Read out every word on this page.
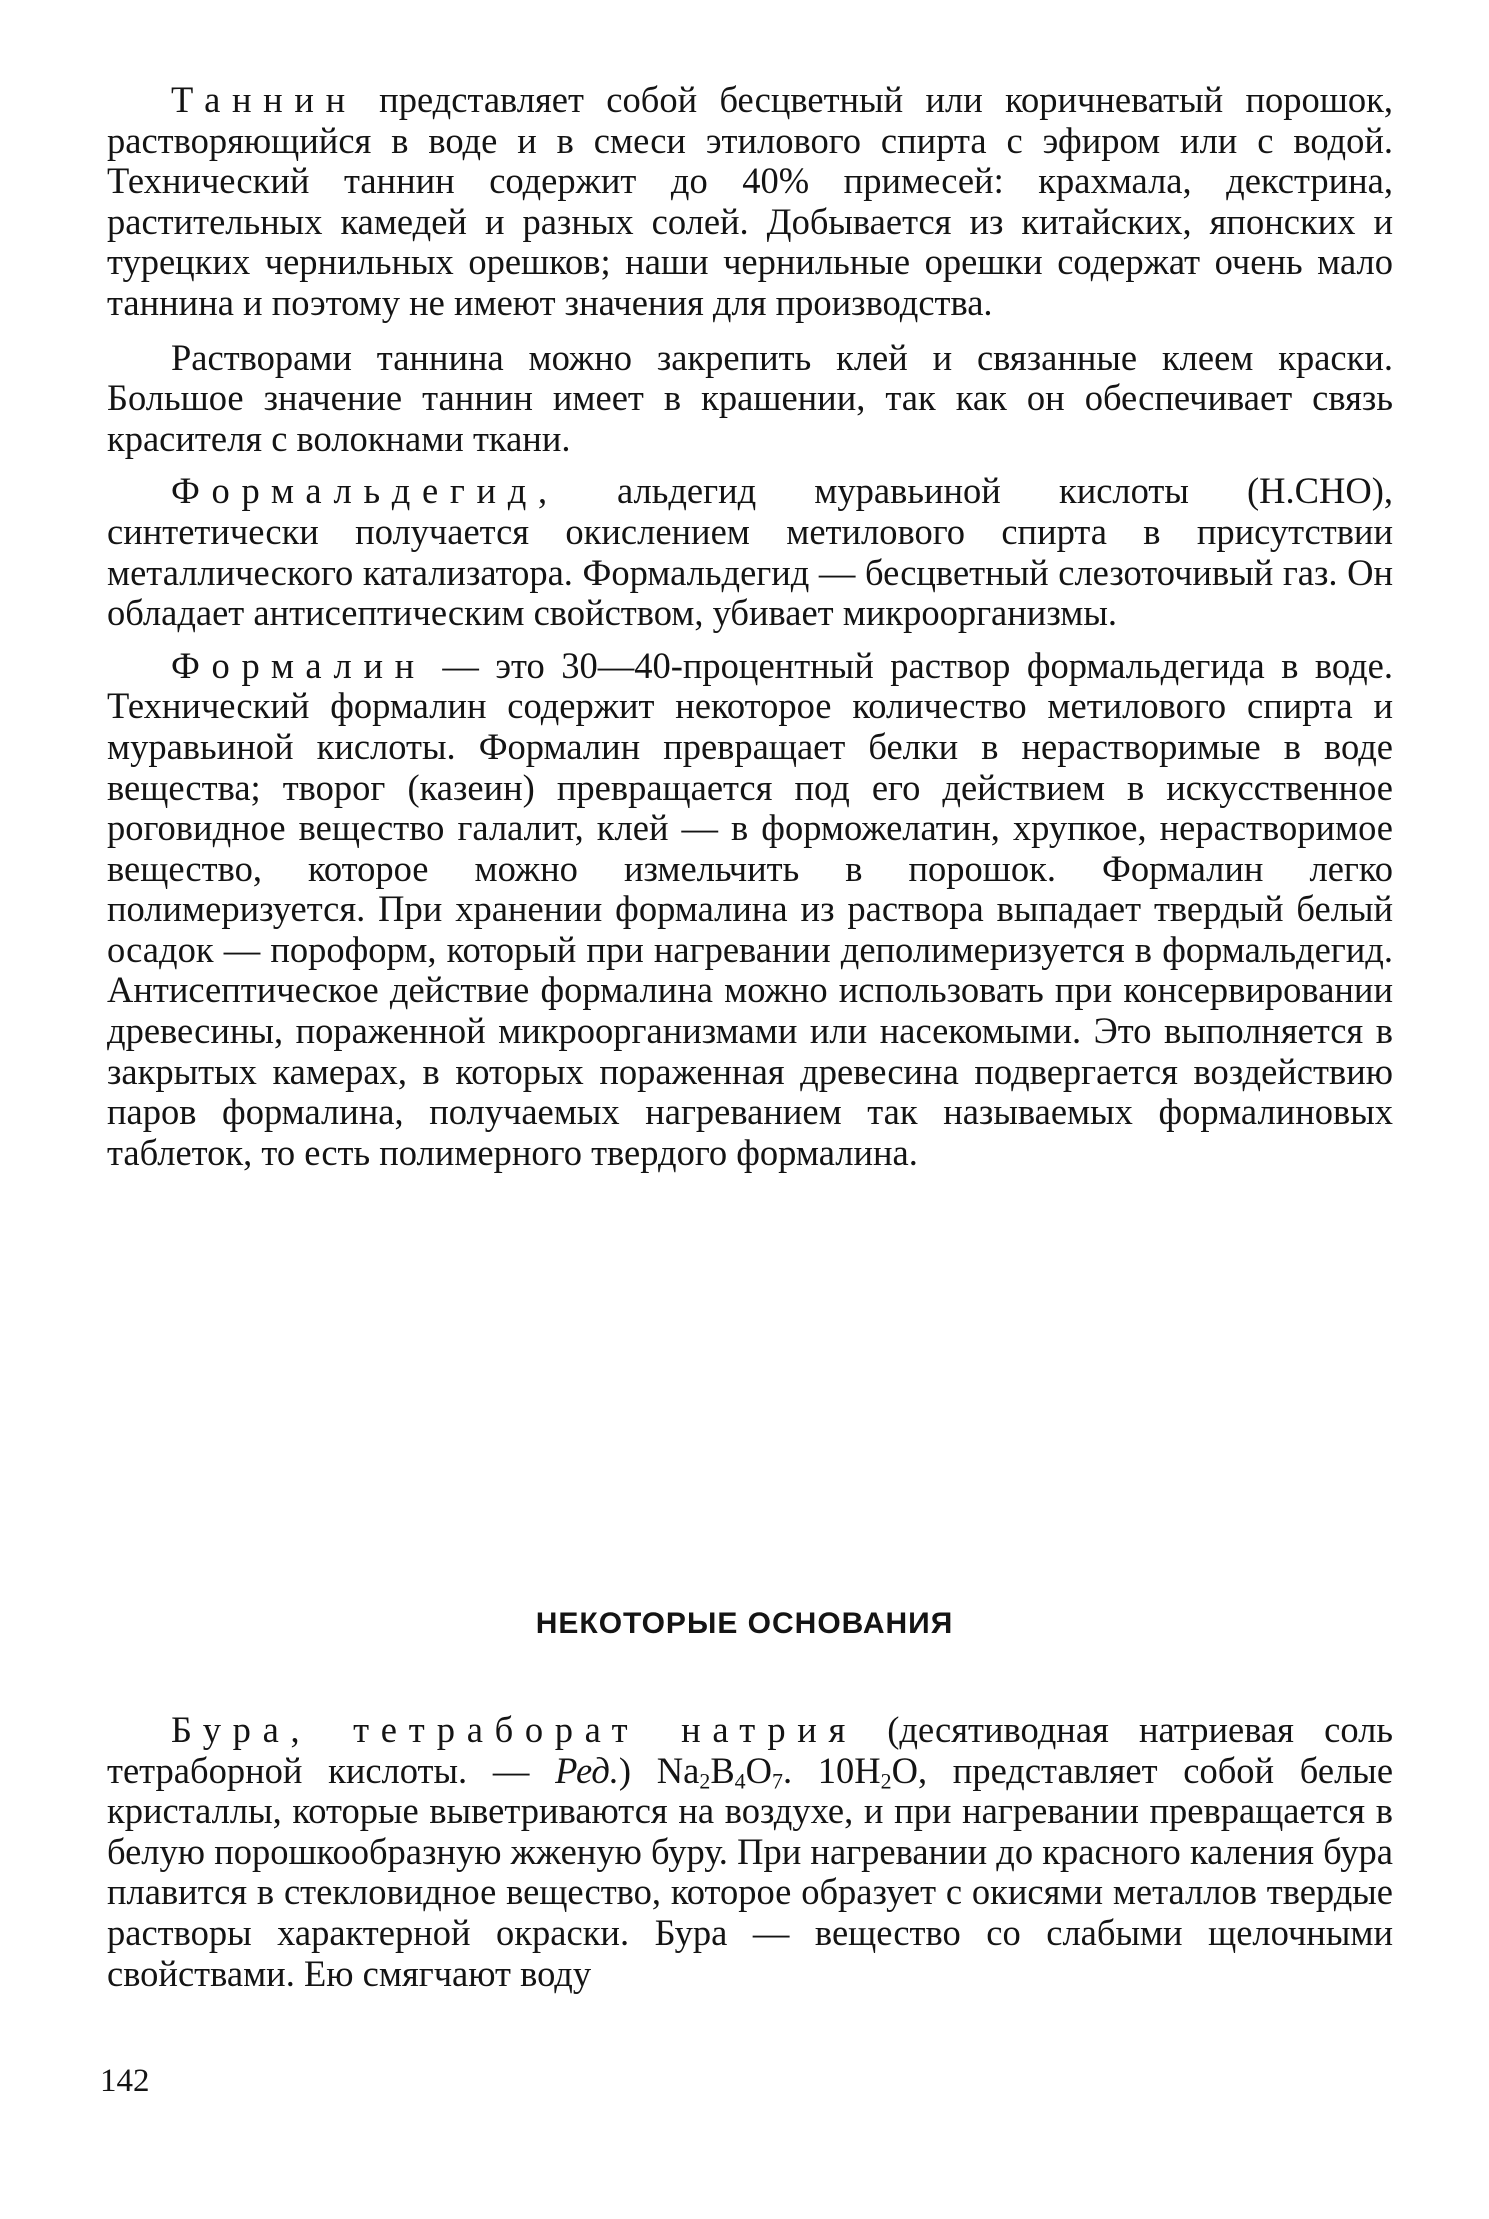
Таннин представляет собой бесцветный или коричневатый порошок, растворяющийся в воде и в смеси этилового спирта с эфиром или с водой. Технический таннин содержит до 40% примесей: крахмала, декстрина, растительных камедей и разных солей. Добывается из китайских, японских и турецких чернильных орешков; наши чернильные орешки содержат очень мало таннина и поэтому не имеют значения для производства.

Растворами таннина можно закрепить клей и связанные клеем краски. Большое значение таннин имеет в крашении, так как он обеспечивает связь красителя с волокнами ткани.

Формальдегид, альдегид муравьиной кислоты (Н.СНО), синтетически получается окислением метилового спирта в присутствии металлического катализатора. Формальдегид — бесцветный слезоточивый газ. Он обладает антисептическим свойством, убивает микроорганизмы.

Формалин — это 30—40-процентный раствор формальдегида в воде. Технический формалин содержит некоторое количество метилового спирта и муравьиной кислоты. Формалин превращает белки в нерастворимые в воде вещества; творог (казеин) превращается под его действием в искусственное роговидное вещество галалит, клей — в форможелатин, хрупкое, нерастворимое вещество, которое можно измельчить в порошок. Формалин легко полимеризуется. При хранении формалина из раствора выпадает твердый белый осадок — пороформ, который при нагревании деполимеризуется в формальдегид. Антисептическое действие формалина можно использовать при консервировании древесины, пораженной микроорганизмами или насекомыми. Это выполняется в закрытых камерах, в которых пораженная древесина подвергается воздействию паров формалина, получаемых нагреванием так называемых формалиновых таблеток, то есть полимерного твердого формалина.

НЕКОТОРЫЕ ОСНОВАНИЯ

Бура, тетраборат натрия (десятиводная натриевая соль тетраборной кислоты. — Ред.) $Na_2B_4O_7$. $10H_2O$, представляет собой белые кристаллы, которые выветриваются на воздухе, и при нагревании превращается в белую порошкообразную жженую буру. При нагревании до красного каления бура плавится в стекловидное вещество, которое образует с окисями металлов твердые растворы характерной окраски. Бура — вещество со слабыми щелочными свойствами. Ею смягчают воду

142
